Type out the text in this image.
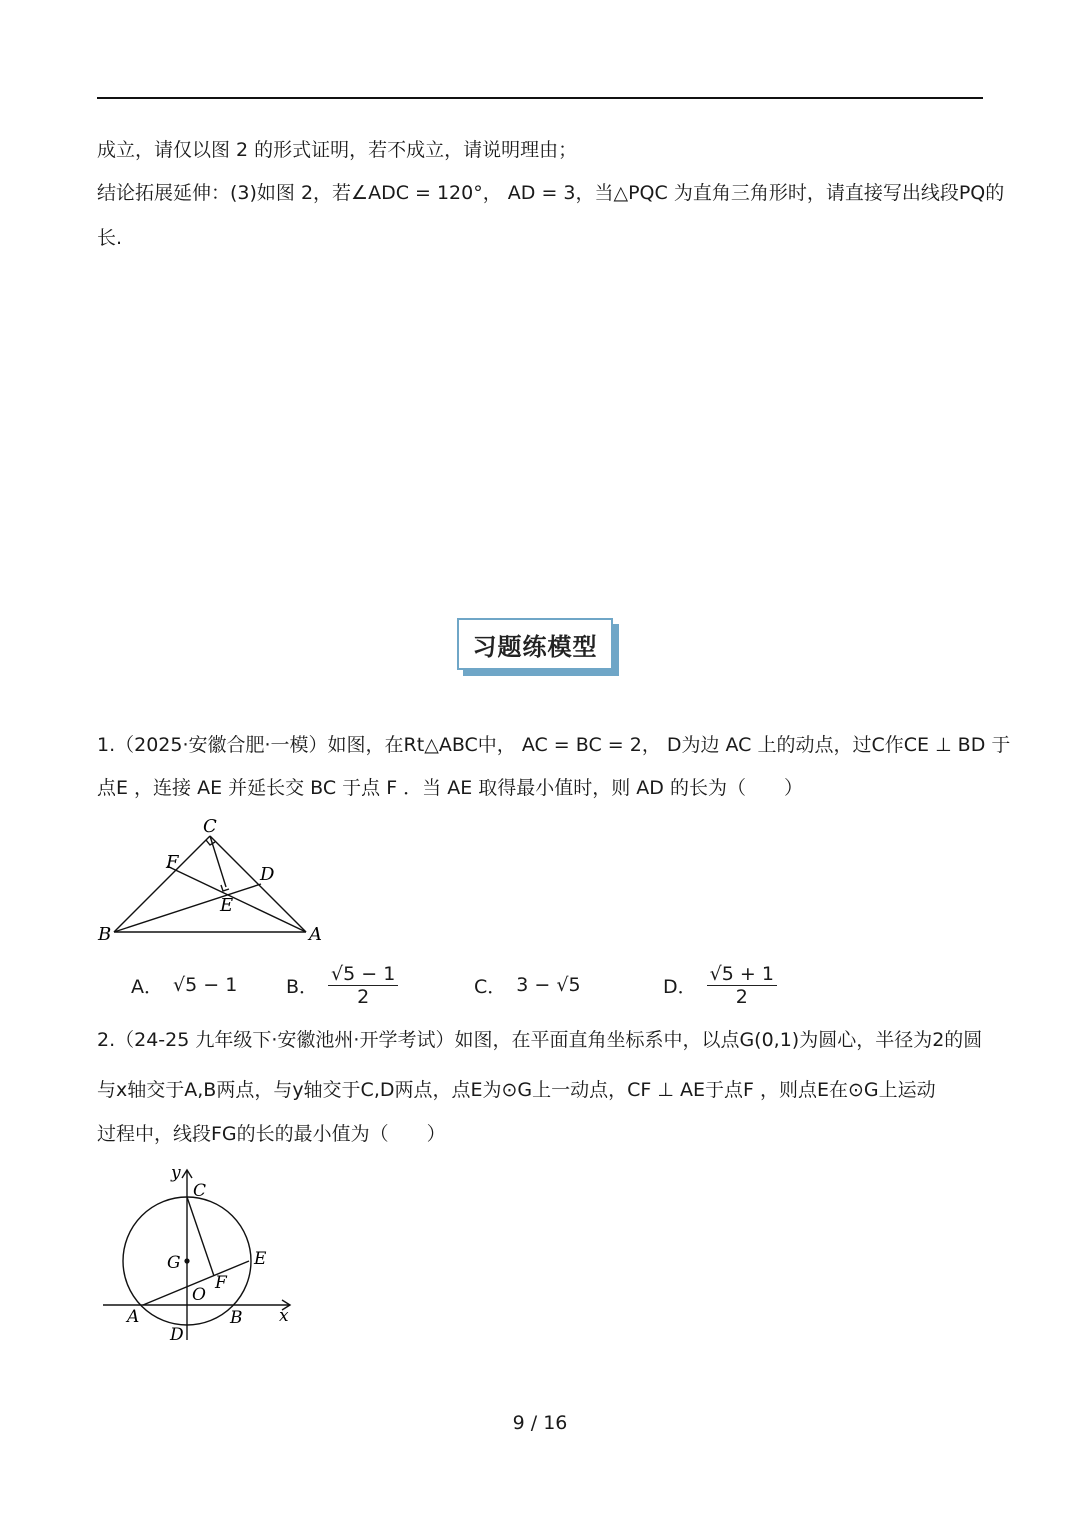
成立，请仅以图 2 的形式证明，若不成立，请说明理由；
结论拓展延伸：(3)如图 2，若∠ADC = 120°， AD = 3，当△PQC 为直角三角形时，请直接写出线段PQ的
长.
习题练模型
1.（2025·安徽合肥·一模）如图，在Rt△ABC中， AC = BC = 2， D为边 AC 上的动点，过C作CE ⊥ BD 于
点E ，连接 AE 并延长交 BC 于点 F ．当 AE 取得最小值时，则 AD 的长为（　　）
C
F
D
E
B	A
A． √5 − 1	B． $\frac{√5 - 1}{2}$	C． 3 − √5	D． $\frac{√5 + 1}{2}$
2.（24-25 九年级下·安徽池州·开学考试）如图，在平面直角坐标系中，以点G(0,1)为圆心，半径为2的圆
与x轴交于A,B两点，与y轴交于C,D两点，点E为⊙G上一动点，CF ⊥ AE于点F ，则点E在⊙G上运动
过程中，线段FG的长的最小值为（　　）
y
C
G	E
F
O
A	B
D
x
9 / 16
